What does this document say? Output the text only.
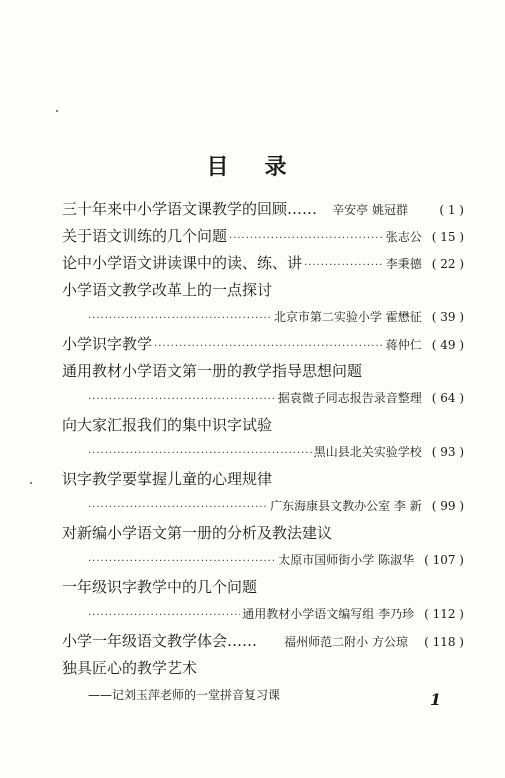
目录
三十年来中小学语文课教学的回顾…… 辛安亭 姚冠群	( 1 )
关于语文训练的几个问题 ·····	张志公 ( 15 )
论中小学语文讲读课中的读、练、讲 ·····	李秉德 ( 22 )
小学语文教学改革上的一点探讨
·····
北京市第二实验小学 霍懋征 ( 39 )
小学识字教学 ·····	蒋仲仁 ( 49 )
通用教材小学语文第一册的教学指导思想问题
·····
据袁微子同志报告录音整理 ( 64 )
向大家汇报我们的集中识字试验
·····
黑山县北关实验学校 ( 93 )
识字教学要掌握儿童的心理规律
·····
广东海康县文教办公室 李 新 ( 99 )
对新编小学语文第一册的分析及教法建议
·····
太原市国师街小学 陈淑华 ( 107 )
一年级识字教学中的几个问题
·····
通用教材小学语文编写组 李乃珍 ( 112 )
小学一年级语文教学体会…… 福州师范二附小 方公琼	( 118 )
独具匠心的教学艺术
——记刘玉萍老师的一堂拼音复习课	1
